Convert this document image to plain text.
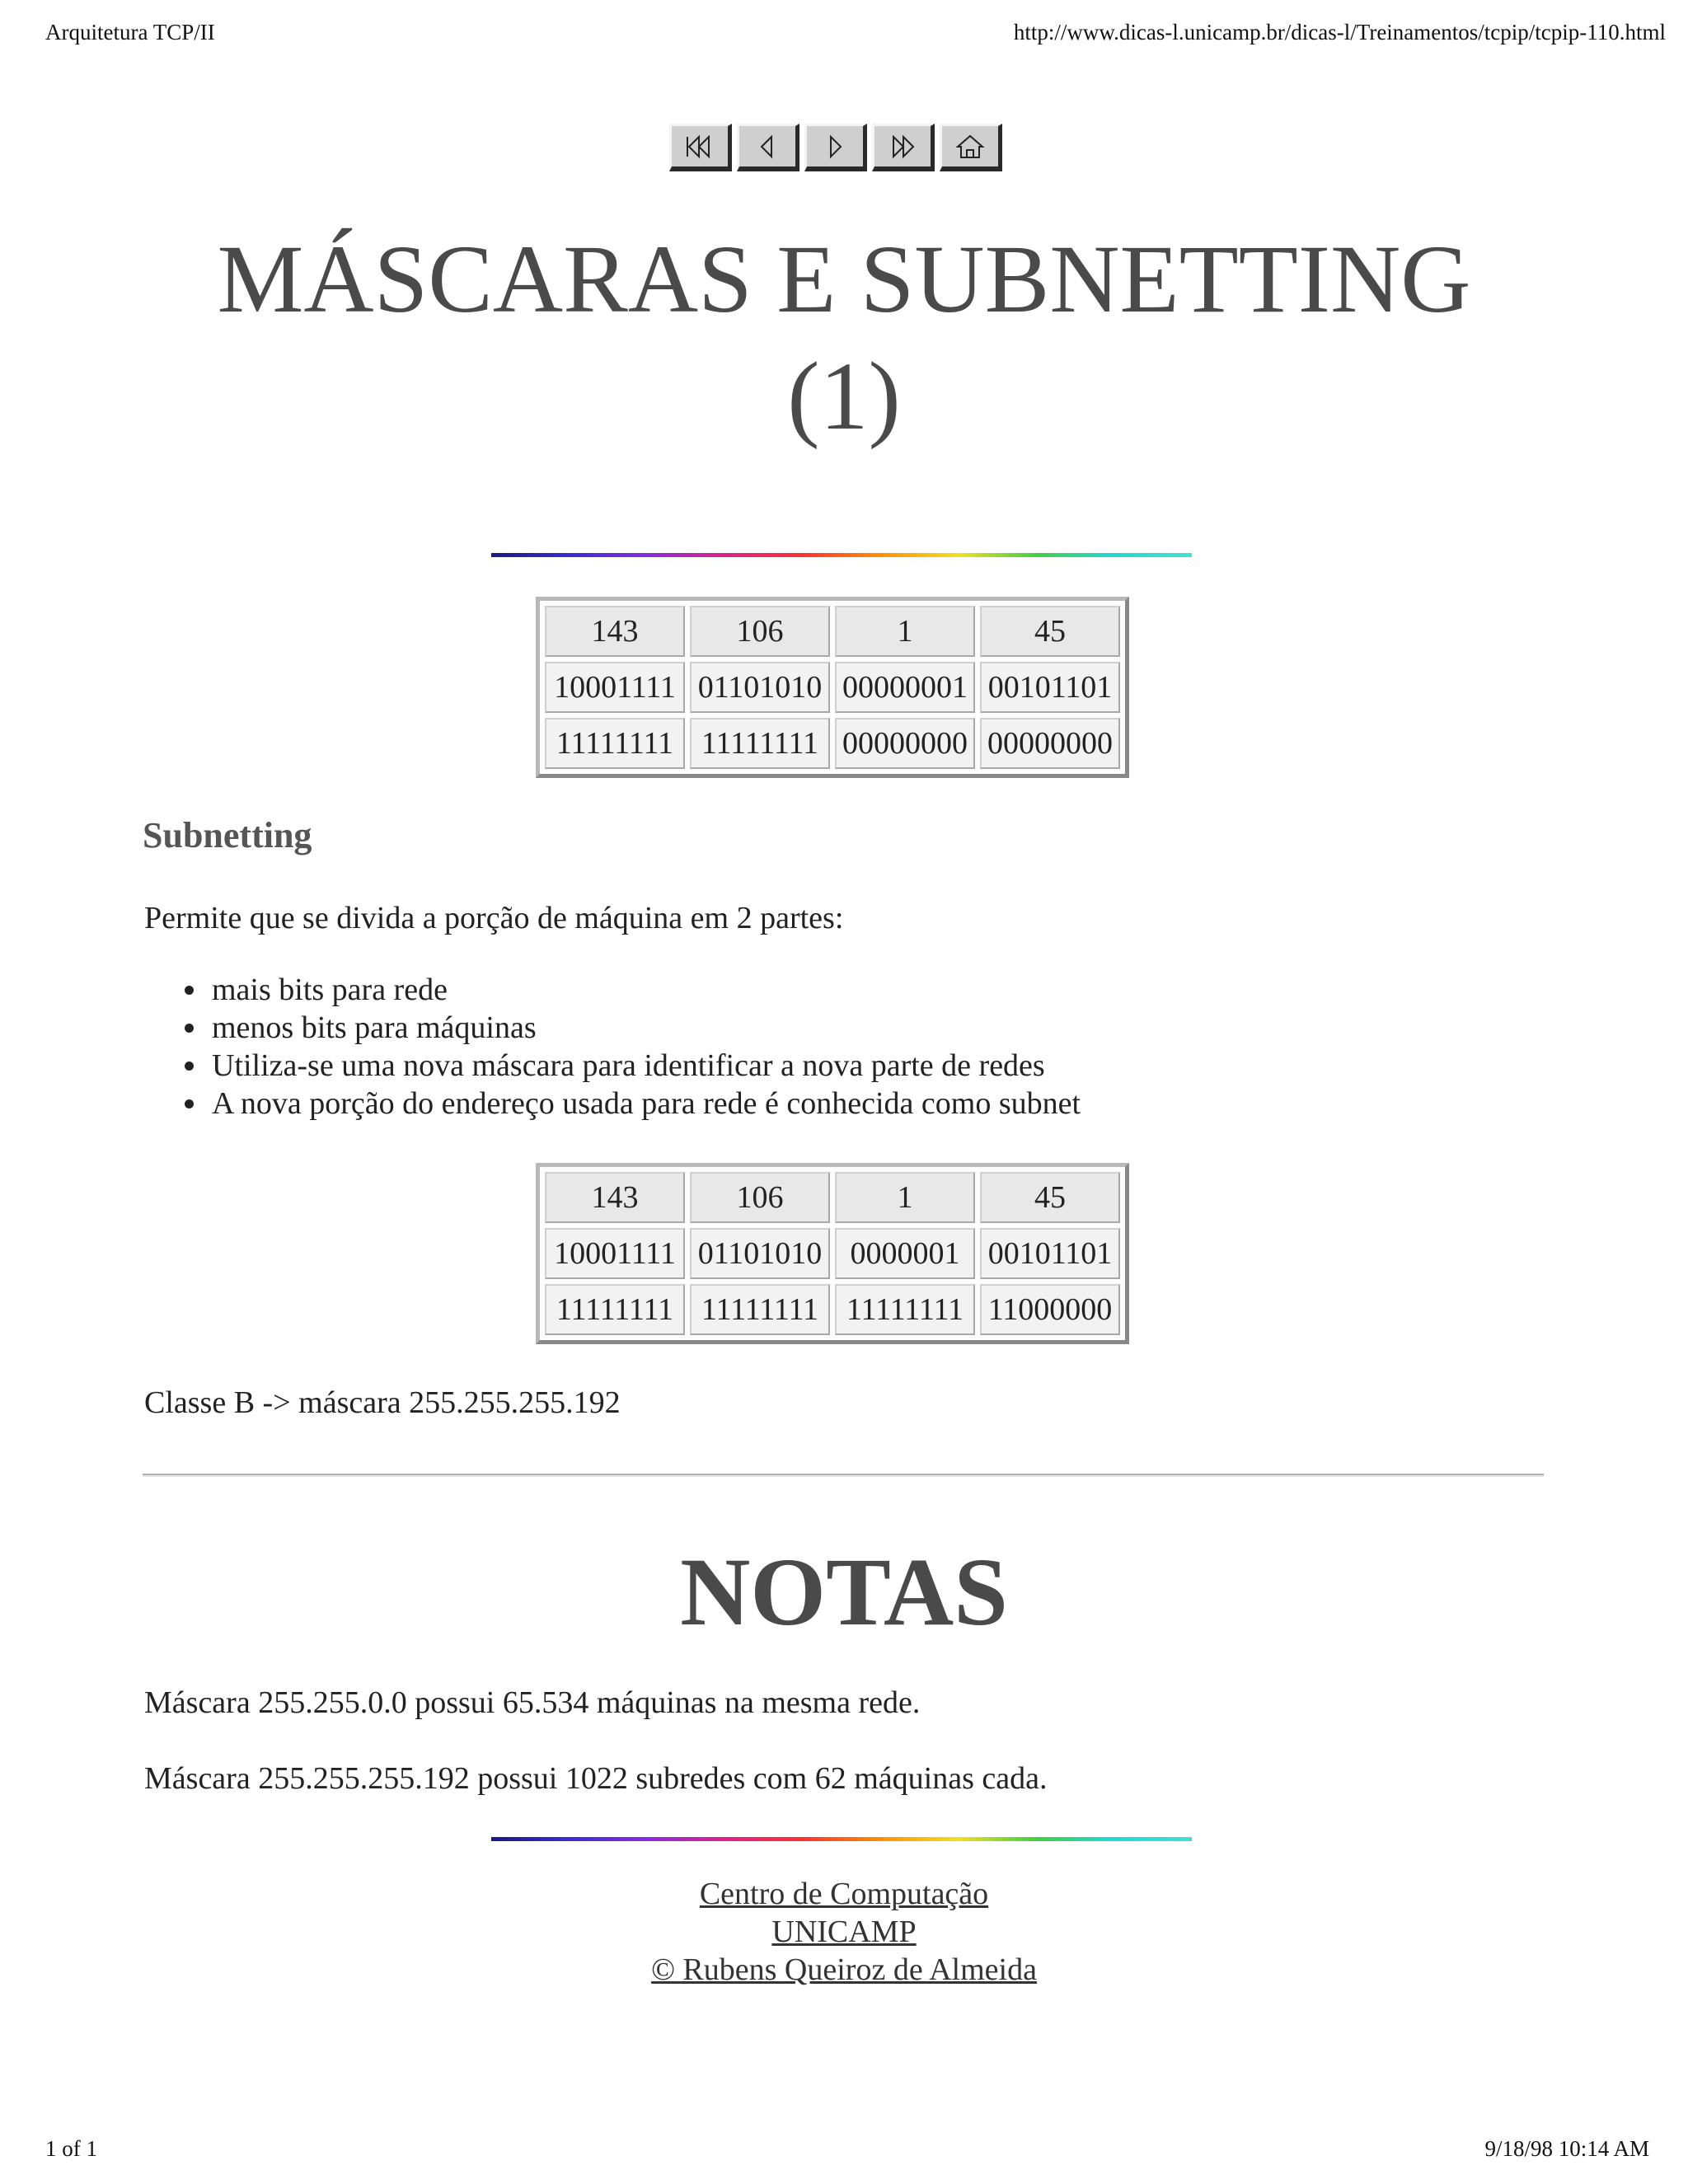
Arquitetura TCP/II	http://www.dicas-l.unicamp.br/dicas-l/Treinamentos/tcpip/tcpip-110.html
MÁSCARAS E SUBNETTING
(1)
143	106	1	45
10001111	01101010	00000001	00101101
11111111	11111111	00000000	00000000
Subnetting

Permite que se divida a porção de máquina em 2 partes:

• mais bits para rede
• menos bits para máquinas
• Utiliza-se uma nova máscara para identificar a nova parte de redes
• A nova porção do endereço usada para rede é conhecida como subnet
143	106	1	45
10001111	01101010	0000001	00101101
11111111	11111111	11111111	11000000

Classe B -> máscara 255.255.255.192

NOTAS

Máscara 255.255.0.0 possui 65.534 máquinas na mesma rede.

Máscara 255.255.255.192 possui 1022 subredes com 62 máquinas cada.

Centro de Computação
UNICAMP
© Rubens Queiroz de Almeida
1 of 1	9/18/98 10:14 AM
